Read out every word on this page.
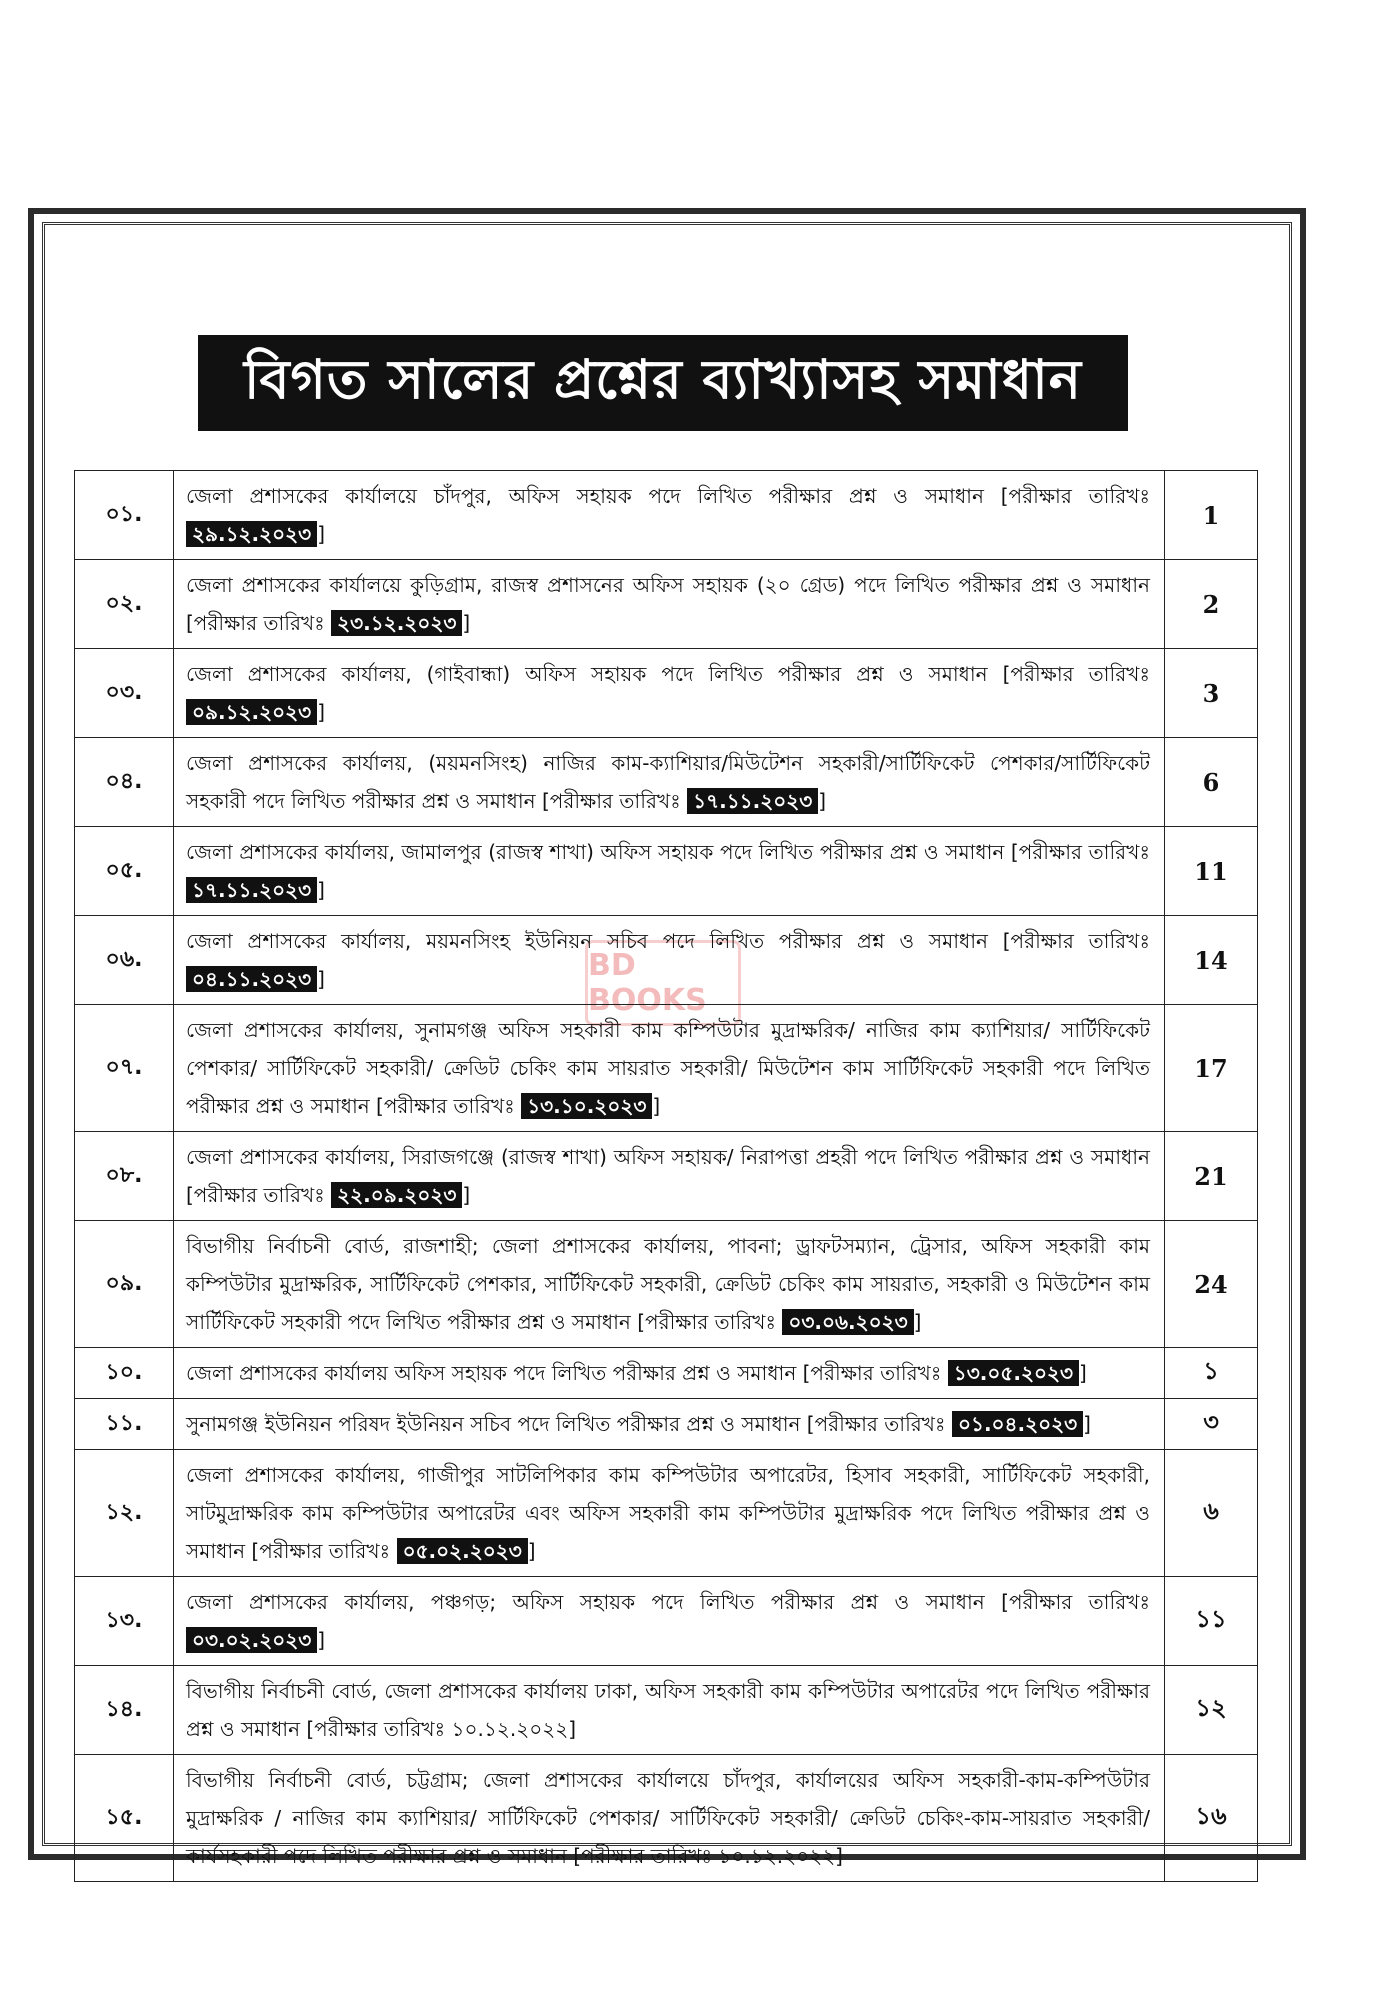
বিগত সালের প্রশ্নের ব্যাখ্যাসহ সমাধান
BD BOOKS
০১.	জেলা প্রশাসকের কার্যালয়ে চাঁদপুর, অফিস সহায়ক পদে লিখিত পরীক্ষার প্রশ্ন ও সমাধান [পরীক্ষার তারিখঃ ২৯.১২.২০২৩ ]	1
০২.	জেলা প্রশাসকের কার্যালয়ে কুড়িগ্রাম, রাজস্ব প্রশাসনের অফিস সহায়ক (২০ গ্রেড) পদে লিখিত পরীক্ষার প্রশ্ন ও সমাধান [পরীক্ষার তারিখঃ ২৩.১২.২০২৩ ]	2
০৩.	জেলা প্রশাসকের কার্যালয়, (গাইবান্ধা) অফিস সহায়ক পদে লিখিত পরীক্ষার প্রশ্ন ও সমাধান [পরীক্ষার তারিখঃ ০৯.১২.২০২৩ ]	3
০৪.	জেলা প্রশাসকের কার্যালয়, (ময়মনসিংহ) নাজির কাম-ক্যাশিয়ার/মিউটেশন সহকারী/সার্টিফিকেট পেশকার/সার্টিফিকেট সহকারী পদে লিখিত পরীক্ষার প্রশ্ন ও সমাধান [পরীক্ষার তারিখঃ ১৭.১১.২০২৩ ]	6
০৫.	জেলা প্রশাসকের কার্যালয়, জামালপুর (রাজস্ব শাখা) অফিস সহায়ক পদে লিখিত পরীক্ষার প্রশ্ন ও সমাধান [পরীক্ষার তারিখঃ ১৭.১১.২০২৩ ]	11
০৬.	জেলা প্রশাসকের কার্যালয়, ময়মনসিংহ ইউনিয়ন সচিব পদে লিখিত পরীক্ষার প্রশ্ন ও সমাধান [পরীক্ষার তারিখঃ ০৪.১১.২০২৩ ]	14
০৭.	জেলা প্রশাসকের কার্যালয়, সুনামগঞ্জ অফিস সহকারী কাম কম্পিউটার মুদ্রাক্ষরিক/ নাজির কাম ক্যাশিয়ার/ সার্টিফিকেট পেশকার/ সার্টিফিকেট সহকারী/ ক্রেডিট চেকিং কাম সায়রাত সহকারী/ মিউটেশন কাম সার্টিফিকেট সহকারী পদে লিখিত পরীক্ষার প্রশ্ন ও সমাধান [পরীক্ষার তারিখঃ ১৩.১০.২০২৩ ]	17
০৮.	জেলা প্রশাসকের কার্যালয়, সিরাজগঞ্জে (রাজস্ব শাখা) অফিস সহায়ক/ নিরাপত্তা প্রহরী পদে লিখিত পরীক্ষার প্রশ্ন ও সমাধান [পরীক্ষার তারিখঃ ২২.০৯.২০২৩ ]	21
০৯.	বিভাগীয় নির্বাচনী বোর্ড, রাজশাহী; জেলা প্রশাসকের কার্যালয়, পাবনা; ড্রাফটসম্যান, ট্রেসার, অফিস সহকারী কাম কম্পিউটার মুদ্রাক্ষরিক, সার্টিফিকেট পেশকার, সার্টিফিকেট সহকারী, ক্রেডিট চেকিং কাম সায়রাত, সহকারী ও মিউটেশন কাম সার্টিফিকেট সহকারী পদে লিখিত পরীক্ষার প্রশ্ন ও সমাধান [পরীক্ষার তারিখঃ ০৩.০৬.২০২৩ ]	24
১০.	জেলা প্রশাসকের কার্যালয় অফিস সহায়ক পদে লিখিত পরীক্ষার প্রশ্ন ও সমাধান [পরীক্ষার তারিখঃ ১৩.০৫.২০২৩ ]	১
১১.	সুনামগঞ্জ ইউনিয়ন পরিষদ ইউনিয়ন সচিব পদে লিখিত পরীক্ষার প্রশ্ন ও সমাধান [পরীক্ষার তারিখঃ ০১.০৪.২০২৩ ]	৩
১২.	জেলা প্রশাসকের কার্যালয়, গাজীপুর সাটলিপিকার কাম কম্পিউটার অপারেটর, হিসাব সহকারী, সার্টিফিকেট সহকারী, সাটমুদ্রাক্ষরিক কাম কম্পিউটার অপারেটর এবং অফিস সহকারী কাম কম্পিউটার মুদ্রাক্ষরিক পদে লিখিত পরীক্ষার প্রশ্ন ও সমাধান [পরীক্ষার তারিখঃ ০৫.০২.২০২৩ ]	৬
১৩.	জেলা প্রশাসকের কার্যালয়, পঞ্চগড়; অফিস সহায়ক পদে লিখিত পরীক্ষার প্রশ্ন ও সমাধান [পরীক্ষার তারিখঃ ০৩.০২.২০২৩ ]	১১
১৪.	বিভাগীয় নির্বাচনী বোর্ড, জেলা প্রশাসকের কার্যালয় ঢাকা, অফিস সহকারী কাম কম্পিউটার অপারেটর পদে লিখিত পরীক্ষার প্রশ্ন ও সমাধান [পরীক্ষার তারিখঃ ১০.১২.২০২২]	১২
১৫.	বিভাগীয় নির্বাচনী বোর্ড, চট্টগ্রাম; জেলা প্রশাসকের কার্যালয়ে চাঁদপুর, কার্যালয়ের অফিস সহকারী-কাম-কম্পিউটার মুদ্রাক্ষরিক / নাজির কাম ক্যাশিয়ার/ সার্টিফিকেট পেশকার/ সার্টিফিকেট সহকারী/ ক্রেডিট চেকিং-কাম-সায়রাত সহকারী/ কার্যসহকারী পদে লিখিত পরীক্ষার প্রশ্ন ও সমাধান [পরীক্ষার তারিখঃ ১০.১২.২০২২]	১৬
